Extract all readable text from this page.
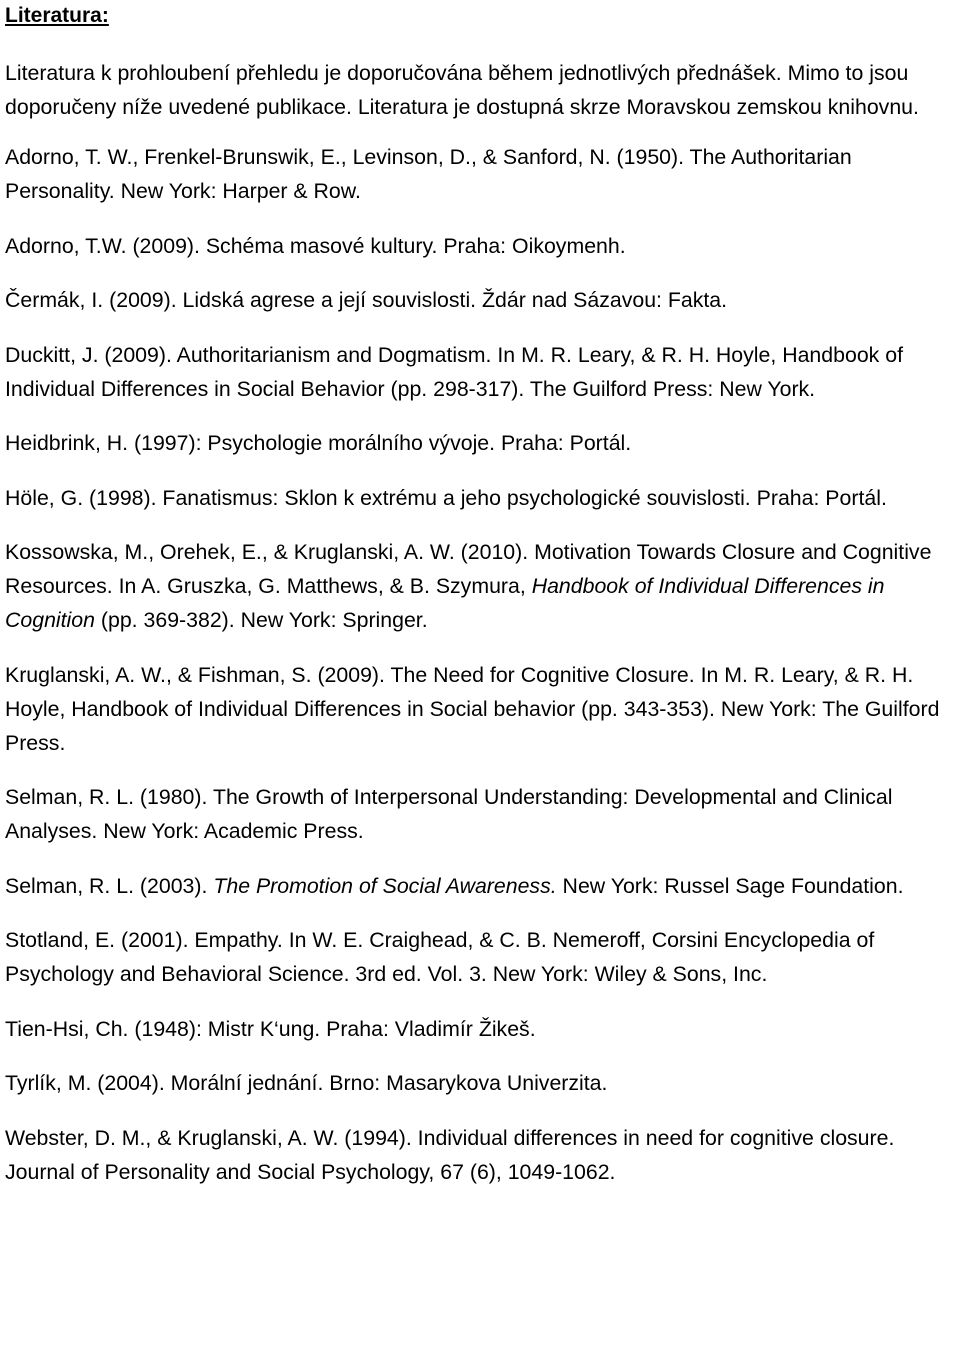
Literatura:

Literatura k prohloubení přehledu je doporučována během jednotlivých přednášek. Mimo to jsou doporučeny níže uvedené publikace. Literatura je dostupná skrze Moravskou zemskou knihovnu.

Adorno, T. W., Frenkel-Brunswik, E., Levinson, D., & Sanford, N. (1950). The Authoritarian Personality. New York: Harper & Row.
Adorno, T.W. (2009). Schéma masové kultury. Praha: Oikoymenh.
Čermák, I. (2009). Lidská agrese a její souvislosti. Ždár nad Sázavou: Fakta.
Duckitt, J. (2009). Authoritarianism and Dogmatism. In M. R. Leary, & R. H. Hoyle, Handbook of Individual Differences in Social Behavior (pp. 298-317). The Guilford Press: New York.
Heidbrink, H. (1997): Psychologie morálního vývoje. Praha: Portál.
Höle, G. (1998). Fanatismus: Sklon k extrému a jeho psychologické souvislosti. Praha: Portál.
Kossowska, M., Orehek, E., & Kruglanski, A. W. (2010). Motivation Towards Closure and Cognitive Resources. In A. Gruszka, G. Matthews, & B. Szymura, Handbook of Individual Differences in Cognition (pp. 369-382). New York: Springer.
Kruglanski, A. W., & Fishman, S. (2009). The Need for Cognitive Closure. In M. R. Leary, & R. H. Hoyle, Handbook of Individual Differences in Social behavior (pp. 343-353). New York: The Guilford Press.
Selman, R. L. (1980). The Growth of Interpersonal Understanding: Developmental and Clinical Analyses. New York: Academic Press.
Selman, R. L. (2003). The Promotion of Social Awareness. New York: Russel Sage Foundation.
Stotland, E. (2001). Empathy. In W. E. Craighead, & C. B. Nemeroff, Corsini Encyclopedia of Psychology and Behavioral Science. 3rd ed. Vol. 3. New York: Wiley & Sons, Inc.
Tien-Hsi, Ch. (1948): Mistr K‘ung. Praha: Vladimír Žikeš.
Tyrlík, M. (2004). Morální jednání. Brno: Masarykova Univerzita.
Webster, D. M., & Kruglanski, A. W. (1994). Individual differences in need for cognitive closure. Journal of Personality and Social Psychology, 67 (6), 1049-1062.
